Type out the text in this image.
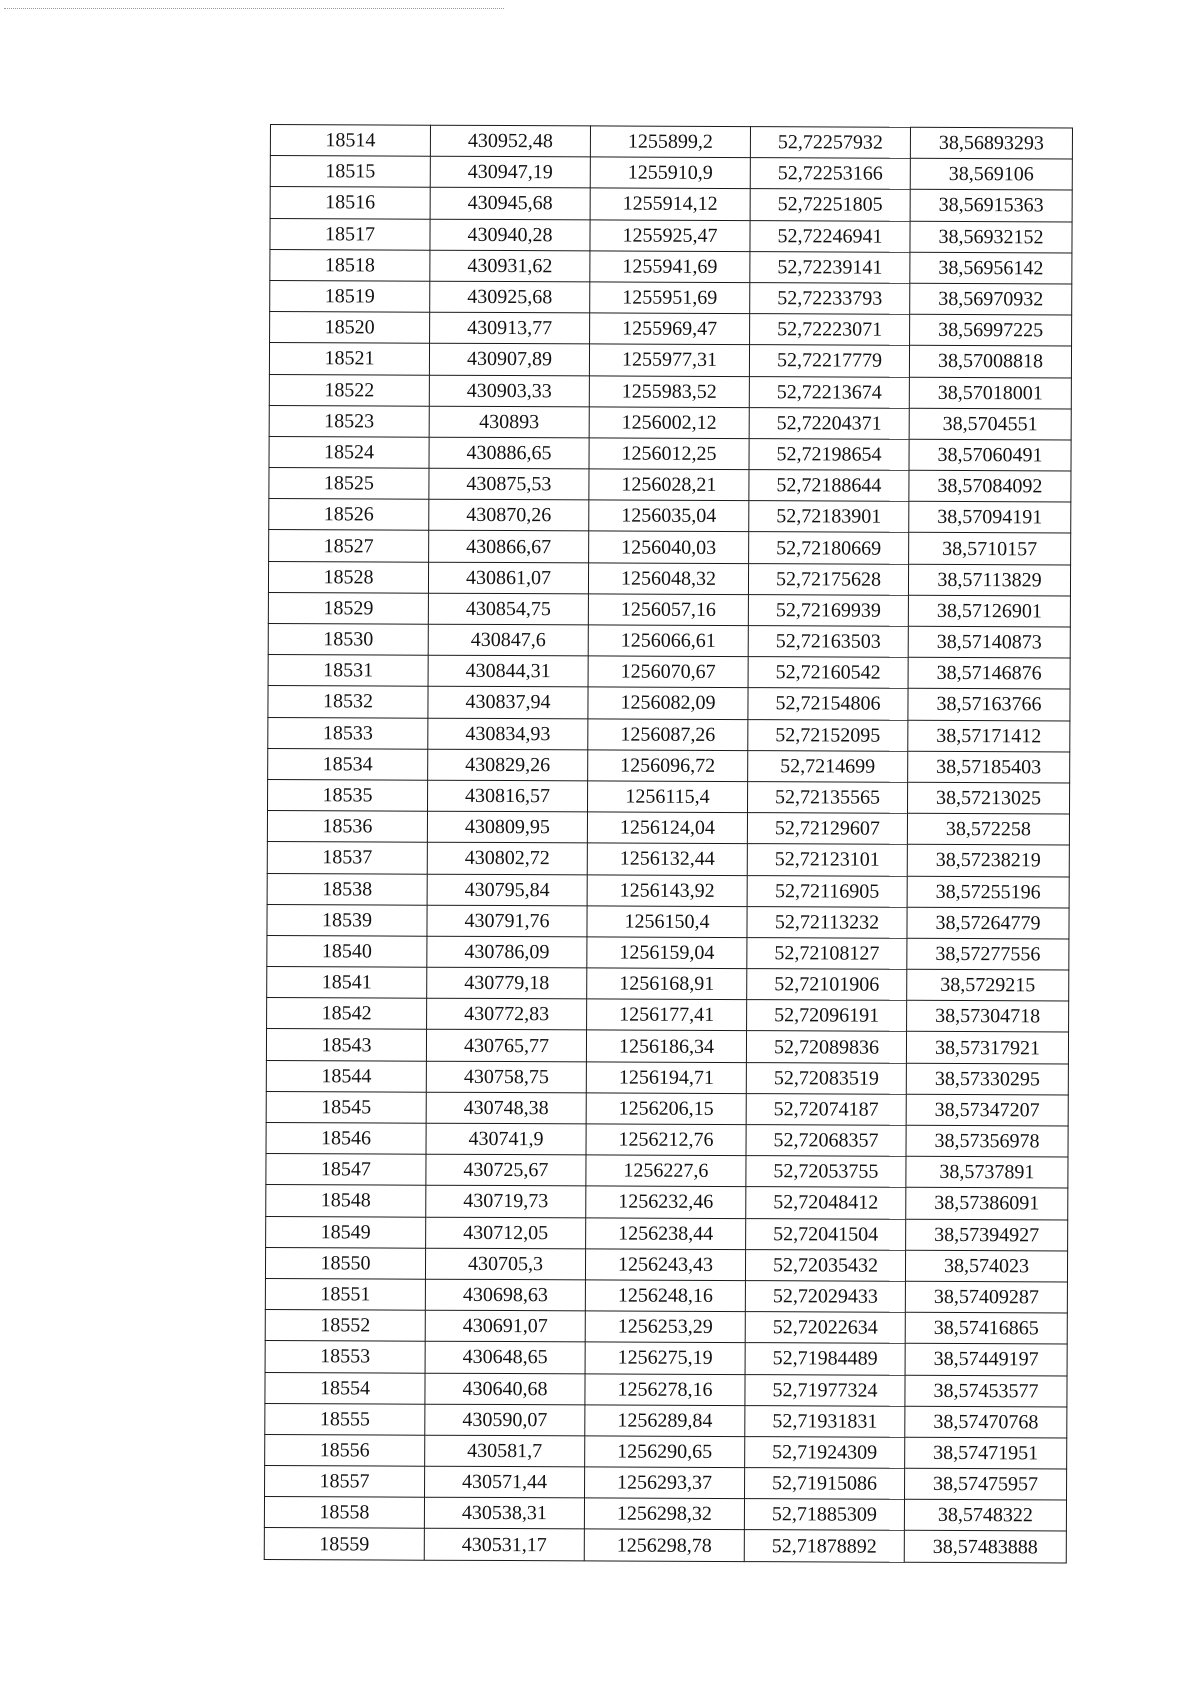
18514	430952,48	1255899,2	52,72257932	38,56893293
18515	430947,19	1255910,9	52,72253166	38,569106
18516	430945,68	1255914,12	52,72251805	38,56915363
18517	430940,28	1255925,47	52,72246941	38,56932152
18518	430931,62	1255941,69	52,72239141	38,56956142
18519	430925,68	1255951,69	52,72233793	38,56970932
18520	430913,77	1255969,47	52,72223071	38,56997225
18521	430907,89	1255977,31	52,72217779	38,57008818
18522	430903,33	1255983,52	52,72213674	38,57018001
18523	430893	1256002,12	52,72204371	38,5704551
18524	430886,65	1256012,25	52,72198654	38,57060491
18525	430875,53	1256028,21	52,72188644	38,57084092
18526	430870,26	1256035,04	52,72183901	38,57094191
18527	430866,67	1256040,03	52,72180669	38,5710157
18528	430861,07	1256048,32	52,72175628	38,57113829
18529	430854,75	1256057,16	52,72169939	38,57126901
18530	430847,6	1256066,61	52,72163503	38,57140873
18531	430844,31	1256070,67	52,72160542	38,57146876
18532	430837,94	1256082,09	52,72154806	38,57163766
18533	430834,93	1256087,26	52,72152095	38,57171412
18534	430829,26	1256096,72	52,7214699	38,57185403
18535	430816,57	1256115,4	52,72135565	38,57213025
18536	430809,95	1256124,04	52,72129607	38,572258
18537	430802,72	1256132,44	52,72123101	38,57238219
18538	430795,84	1256143,92	52,72116905	38,57255196
18539	430791,76	1256150,4	52,72113232	38,57264779
18540	430786,09	1256159,04	52,72108127	38,57277556
18541	430779,18	1256168,91	52,72101906	38,5729215
18542	430772,83	1256177,41	52,72096191	38,57304718
18543	430765,77	1256186,34	52,72089836	38,57317921
18544	430758,75	1256194,71	52,72083519	38,57330295
18545	430748,38	1256206,15	52,72074187	38,57347207
18546	430741,9	1256212,76	52,72068357	38,57356978
18547	430725,67	1256227,6	52,72053755	38,5737891
18548	430719,73	1256232,46	52,72048412	38,57386091
18549	430712,05	1256238,44	52,72041504	38,57394927
18550	430705,3	1256243,43	52,72035432	38,574023
18551	430698,63	1256248,16	52,72029433	38,57409287
18552	430691,07	1256253,29	52,72022634	38,57416865
18553	430648,65	1256275,19	52,71984489	38,57449197
18554	430640,68	1256278,16	52,71977324	38,57453577
18555	430590,07	1256289,84	52,71931831	38,57470768
18556	430581,7	1256290,65	52,71924309	38,57471951
18557	430571,44	1256293,37	52,71915086	38,57475957
18558	430538,31	1256298,32	52,71885309	38,5748322
18559	430531,17	1256298,78	52,71878892	38,57483888
